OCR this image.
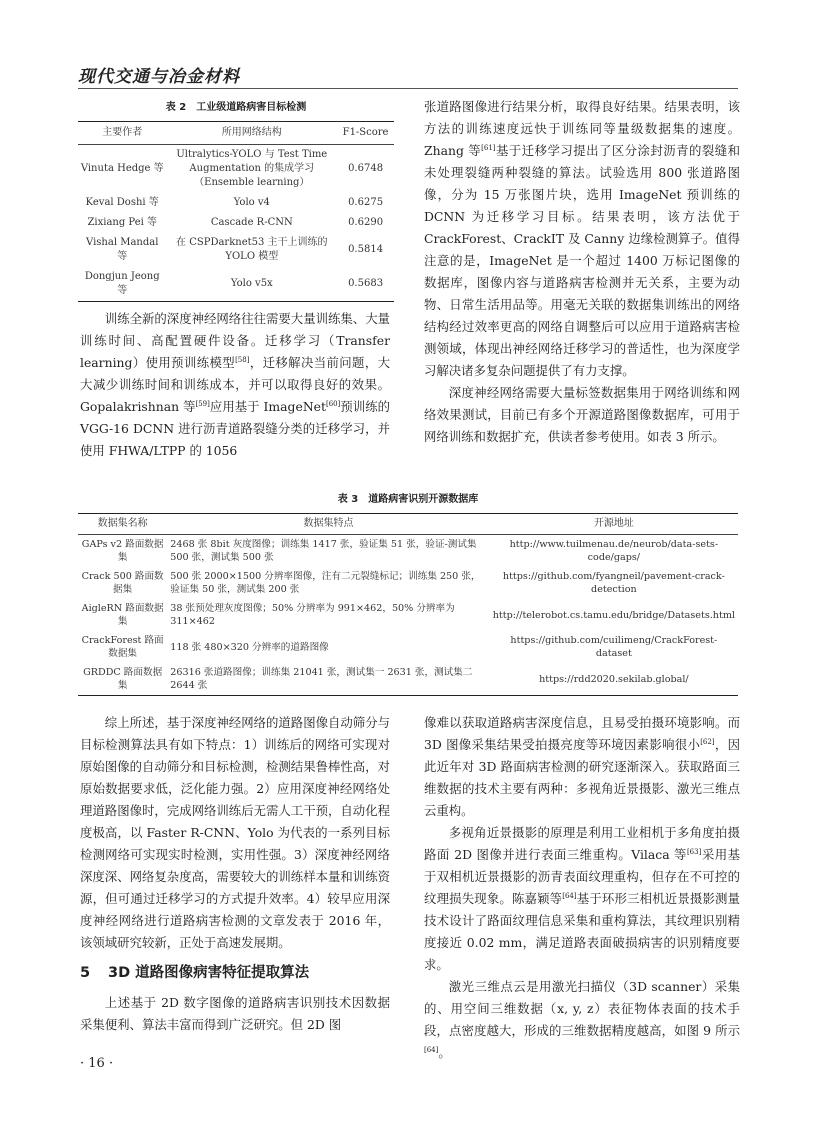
现代交通与冶金材料
表 2　工业级道路病害目标检测
主要作者	所用网络结构	F1-Score
Vinuta Hedge 等	Ultralytics-YOLO 与 Test Time Augmentation 的集成学习（Ensemble learning）	0.6748
Keval Doshi 等	Yolo v4	0.6275
Zixiang Pei 等	Cascade R-CNN	0.6290
Vishal Mandal 等	在 CSPDarknet53 主干上训练的 YOLO 模型	0.5814
Dongjun Jeong 等	Yolo v5x	0.5683

训练全新的深度神经网络往往需要大量训练集、大量训练时间、高配置硬件设备。迁移学习（Transfer learning）使用预训练模型[58]，迁移解决当前问题，大大减少训练时间和训练成本，并可以取得良好的效果。Gopalakrishnan 等[59]应用基于 ImageNet[60]预训练的 VGG-16 DCNN 进行沥青道路裂缝分类的迁移学习，并使用 FHWA/LTPP 的 1056

张道路图像进行结果分析，取得良好结果。结果表明，该方法的训练速度远快于训练同等量级数据集的速度。Zhang 等[61]基于迁移学习提出了区分涂封沥青的裂缝和未处理裂缝两种裂缝的算法。试验选用 800 张道路图像，分为 15 万张图片块，选用 ImageNet 预训练的 DCNN 为迁移学习目标。结果表明，该方法优于 CrackForest、CrackIT 及 Canny 边缘检测算子。值得注意的是，ImageNet 是一个超过 1400 万标记图像的数据库，图像内容与道路病害检测并无关系，主要为动物、日常生活用品等。用毫无关联的数据集训练出的网络结构经过效率更高的网络自调整后可以应用于道路病害检测领域，体现出神经网络迁移学习的普适性，也为深度学习解决诸多复杂问题提供了有力支撑。

深度神经网络需要大量标签数据集用于网络训练和网络效果测试，目前已有多个开源道路图像数据库，可用于网络训练和数据扩充，供读者参考使用。如表 3 所示。

表 3　道路病害识别开源数据库
数据集名称	数据集特点	开源地址
GAPs v2 路面数据集	2468 张 8bit 灰度图像；训练集 1417 张，验证集 51 张，验证-测试集 500 张，测试集 500 张	http://www.tuilmenau.de/neurob/data-sets-code/gaps/
Crack 500 路面数据集	500 张 2000×1500 分辨率图像，注有二元裂缝标记；训练集 250 张，验证集 50 张，测试集 200 张	https://github.com/fyangneil/pavement-crack-detection
AigleRN 路面数据集	38 张预处理灰度图像；50% 分辨率为 991×462，50% 分辨率为 311×462	http://telerobot.cs.tamu.edu/bridge/Datasets.html
CrackForest 路面数据集	118 张 480×320 分辨率的道路图像	https://github.com/cuilimeng/CrackForest-dataset
GRDDC 路面数据集	26316 张道路图像；训练集 21041 张，测试集一 2631 张，测试集二 2644 张	https://rdd2020.sekilab.global/

综上所述，基于深度神经网络的道路图像自动筛分与目标检测算法具有如下特点：1）训练后的网络可实现对原始图像的自动筛分和目标检测，检测结果鲁棒性高，对原始数据要求低，泛化能力强。2）应用深度神经网络处理道路图像时，完成网络训练后无需人工干预，自动化程度极高，以 Faster R-CNN、Yolo 为代表的一系列目标检测网络可实现实时检测，实用性强。3）深度神经网络深度深、网络复杂度高，需要较大的训练样本量和训练资源，但可通过迁移学习的方式提升效率。4）较早应用深度神经网络进行道路病害检测的文章发表于 2016 年，该领域研究较新，正处于高速发展期。

5 3D 道路图像病害特征提取算法

上述基于 2D 数字图像的道路病害识别技术因数据采集便利、算法丰富而得到广泛研究。但 2D 图

像难以获取道路病害深度信息，且易受拍摄环境影响。而 3D 图像采集结果受拍摄亮度等环境因素影响很小[62]，因此近年对 3D 路面病害检测的研究逐渐深入。获取路面三维数据的技术主要有两种：多视角近景摄影、激光三维点云重构。

多视角近景摄影的原理是利用工业相机于多角度拍摄路面 2D 图像并进行表面三维重构。Vilaca 等[63]采用基于双相机近景摄影的沥青表面纹理重构，但存在不可控的纹理损失现象。陈嘉颖等[64]基于环形三相机近景摄影测量技术设计了路面纹理信息采集和重构算法，其纹理识别精度接近 0.02 mm，满足道路表面破损病害的识别精度要求。

激光三维点云是用激光扫描仪（3D scanner）采集的、用空间三维数据（x, y, z）表征物体表面的技术手段，点密度越大，形成的三维数据精度越高，如图 9 所示[64]。

· 16 ·
